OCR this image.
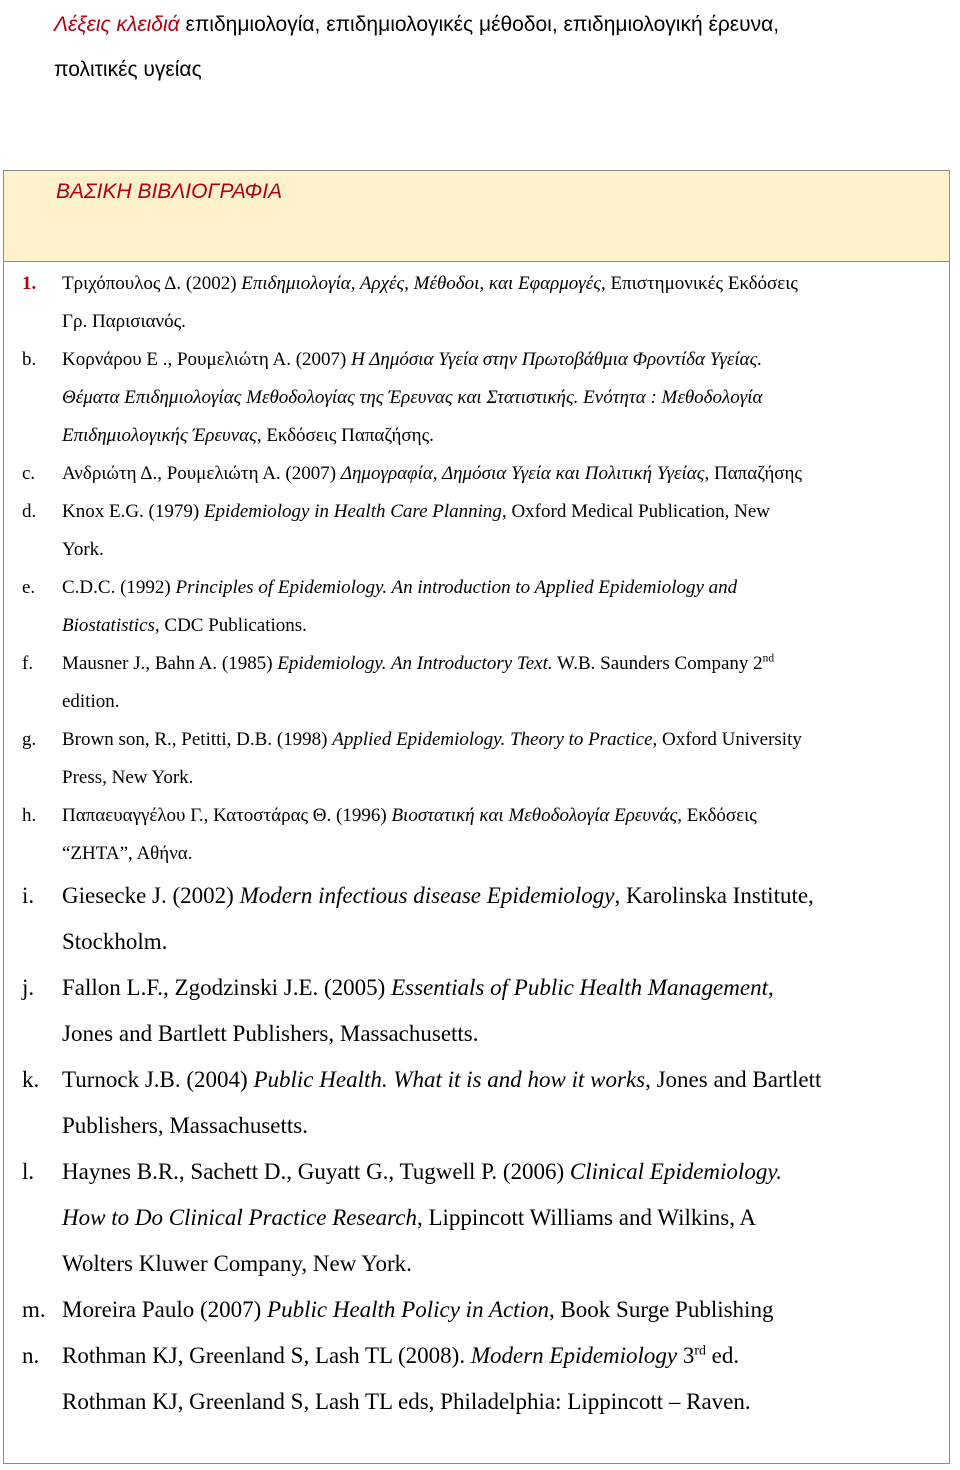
Λέξεις κλειδιά επιδημιολογία, επιδημιολογικές μέθοδοι, επιδημιολογική έρευνα,
πολιτικές υγείας
ΒΑΣΙΚΗ ΒΙΒΛΙΟΓΡΑΦΙΑ
1. Τριχόπουλος Δ. (2002) Επιδημιολογία, Αρχές, Μέθοδοι, και Εφαρμογές, Επιστημονικές Εκδόσεις
Γρ. Παρισιανός.
b. Κορνάρου Ε ., Ρουμελιώτη Α. (2007) Η Δημόσια Υγεία στην Πρωτοβάθμια Φροντίδα Υγείας.
Θέματα Επιδημιολογίας Μεθοδολογίας της Έρευνας και Στατιστικής. Ενότητα : Μεθοδολογία
Επιδημιολογικής Έρευνας, Εκδόσεις Παπαζήσης.
c. Ανδριώτη Δ., Ρουμελιώτη Α. (2007) Δημογραφία, Δημόσια Υγεία και Πολιτική Υγείας, Παπαζήσης
d. Knox E.G. (1979) Epidemiology in Health Care Planning, Oxford Medical Publication, New
York.
e. C.D.C. (1992) Principles of Epidemiology. An introduction to Applied Epidemiology and
Biostatistics, CDC Publications.
f. Mausner J., Bahn A. (1985) Epidemiology. An Introductory Text. W.B. Saunders Company 2nd
edition.
g. Brown son, R., Petitti, D.B. (1998) Applied Epidemiology. Theory to Practice, Oxford University
Press, New York.
h. Παπαευαγγέλου Γ., Κατοστάρας Θ. (1996) Βιοστατική και Μεθοδολογία Ερευνάς, Εκδόσεις
“ΖΗΤΑ”, Αθήνα.
i. Giesecke J. (2002) Modern infectious disease Epidemiology, Karolinska Institute,
Stockholm.
j. Fallon L.F., Zgodzinski J.E. (2005) Essentials of Public Health Management,
Jones and Bartlett Publishers, Massachusetts.
k. Turnock J.B. (2004) Public Health. What it is and how it works, Jones and Bartlett
Publishers, Massachusetts.
l. Haynes B.R., Sachett D., Guyatt G., Tugwell P. (2006) Clinical Epidemiology.
How to Do Clinical Practice Research, Lippincott Williams and Wilkins, A
Wolters Kluwer Company, New York.
m. Moreira Paulo (2007) Public Health Policy in Action, Book Surge Publishing
n. Rothman KJ, Greenland S, Lash TL (2008). Modern Epidemiology 3rd ed.
Rothman KJ, Greenland S, Lash TL eds, Philadelphia: Lippincott – Raven.
